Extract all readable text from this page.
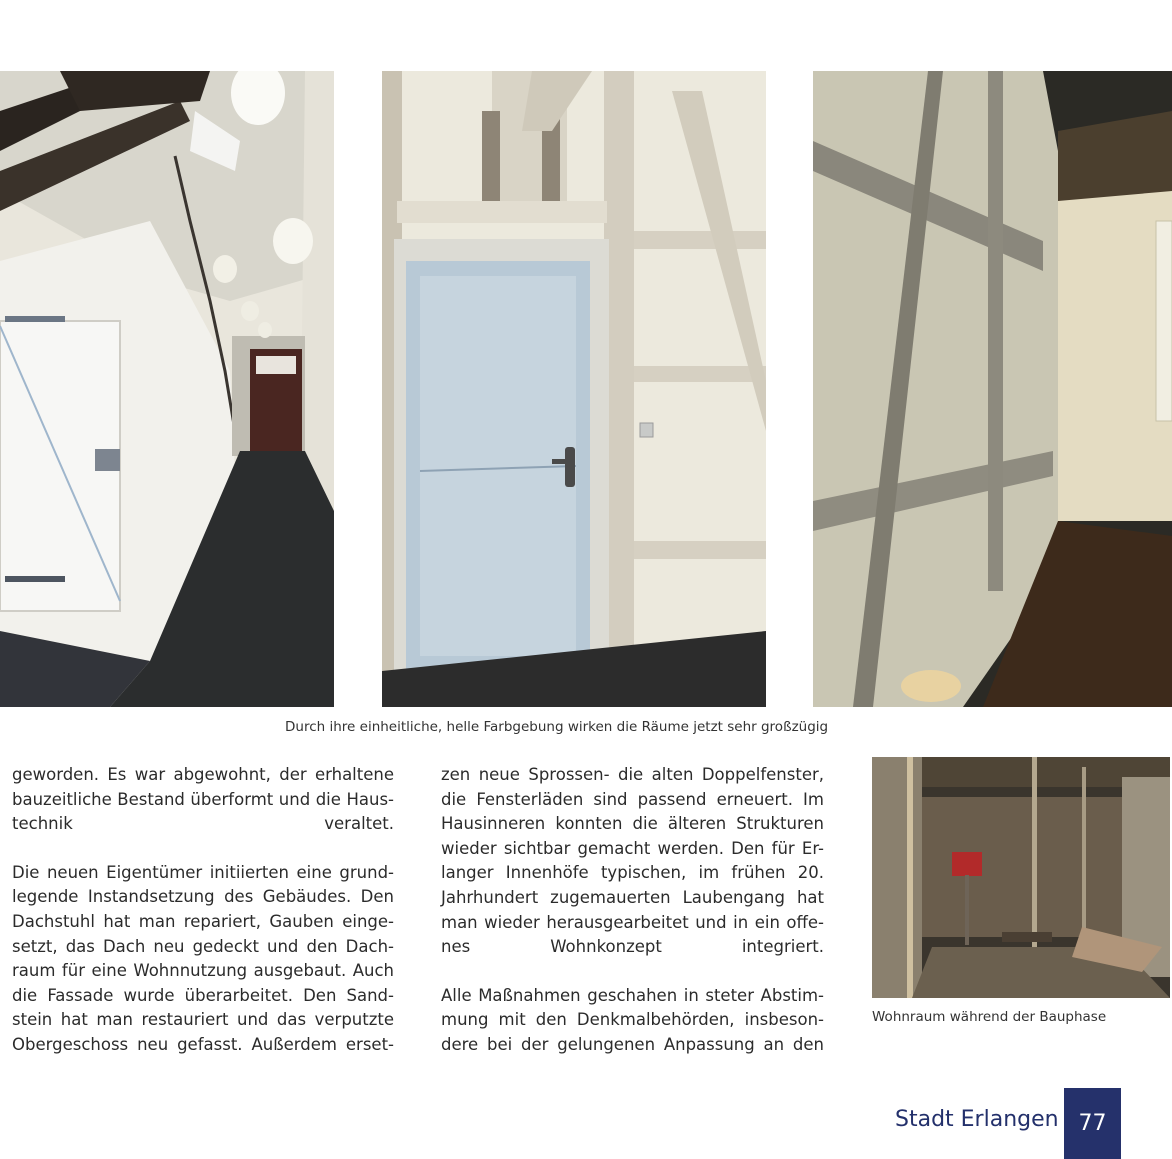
Durch ihre einheitliche, helle Farbgebung wirken die Räume jetzt sehr großzügig
Wohnraum während der Bauphase

geworden. Es war abgewohnt, der erhaltene
bauzeitliche Bestand überformt und die Haus-
technik veraltet.

Die neuen Eigentümer initiierten eine grund-
legende Instandsetzung des Gebäudes. Den
Dachstuhl hat man repariert, Gauben einge-
setzt, das Dach neu gedeckt und den Dach-
raum für eine Wohnnutzung ausgebaut. Auch
die Fassade wurde überarbeitet. Den Sand-
stein hat man restauriert und das verputzte
Obergeschoss neu gefasst. Außerdem erset-

zen neue Sprossen- die alten Doppelfenster,
die Fensterläden sind passend erneuert. Im
Hausinneren konnten die älteren Strukturen
wieder sichtbar gemacht werden. Den für Er-
langer Innenhöfe typischen, im frühen 20.
Jahrhundert zugemauerten Laubengang hat
man wieder herausgearbeitet und in ein offe-
nes Wohnkonzept integriert.

Alle Maßnahmen geschahen in steter Abstim-
mung mit den Denkmalbehörden, insbeson-
dere bei der gelungenen Anpassung an den

Stadt Erlangen 77
